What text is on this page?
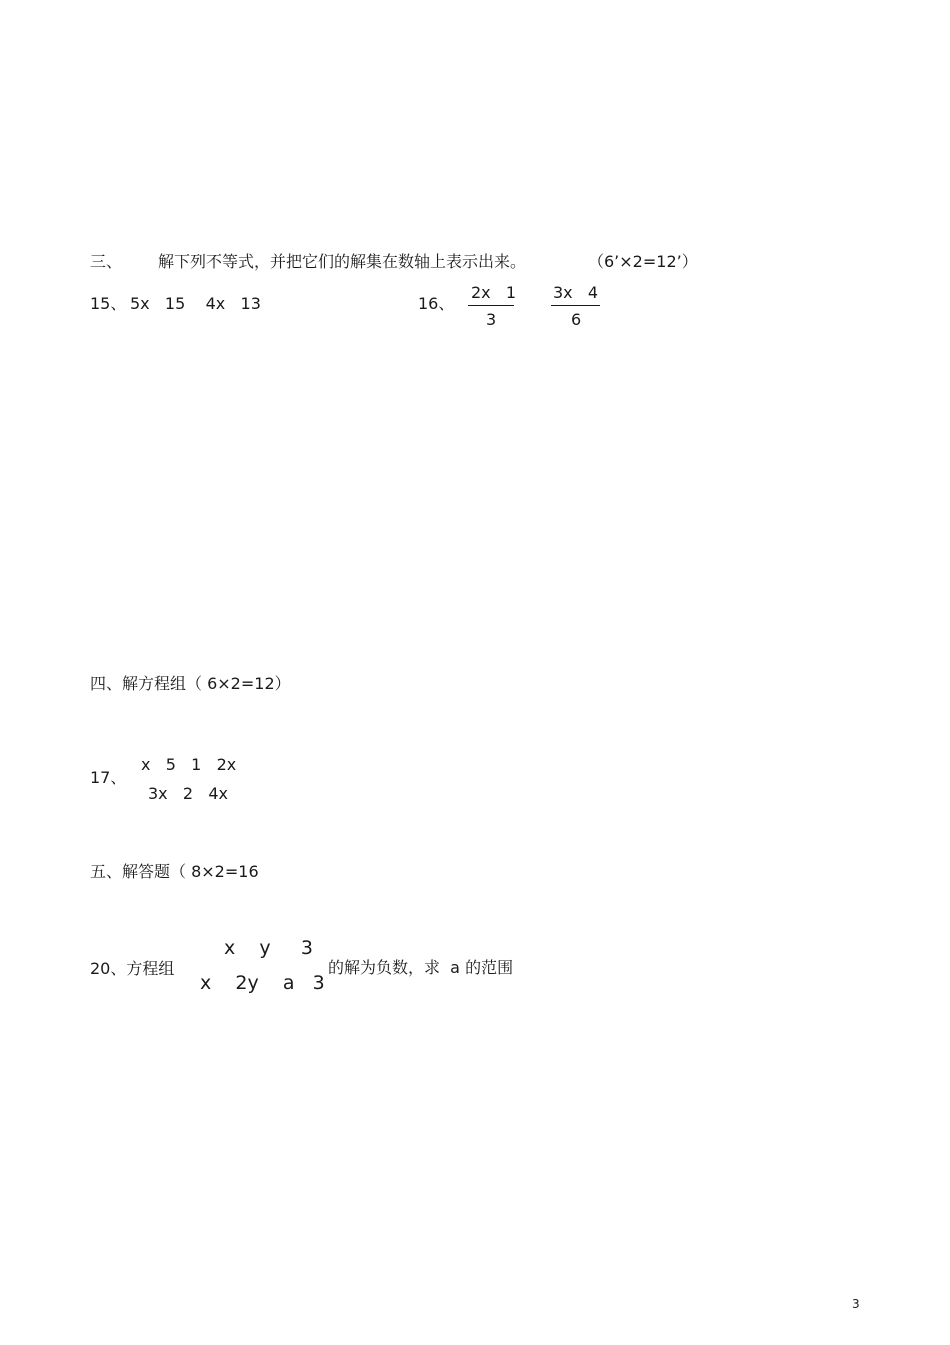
三、 解下列不等式，并把它们的解集在数轴上表示出来。	（6’×2=12’）
15、 5x   15    4x   13	16、
2x   1
3
3x   4
6
四、解方程组（ 6×2=12）
17、
x   5   1   2x
3x   2   4x
五、解答题（ 8×2=16
20、方程组
x    y     3
x    2y    a   3
的解为负数，求  a 的范围
3
